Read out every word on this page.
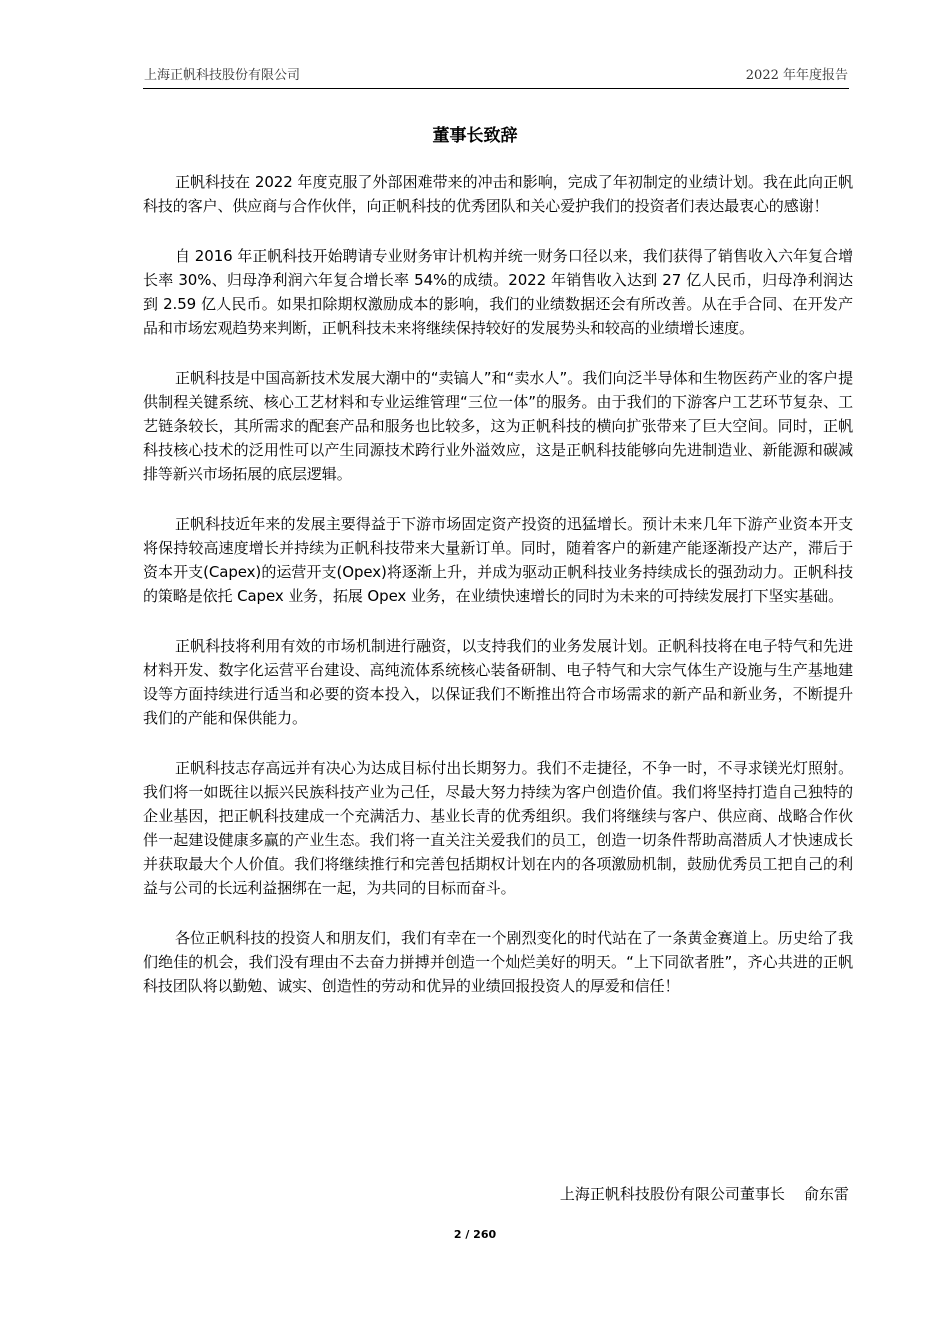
上海正帆科技股份有限公司	2022 年年度报告
董事长致辞

正帆科技在 2022 年度克服了外部困难带来的冲击和影响，完成了年初制定的业绩计划。我在此向正帆科技的客户、供应商与合作伙伴，向正帆科技的优秀团队和关心爱护我们的投资者们表达最衷心的感谢！

自 2016 年正帆科技开始聘请专业财务审计机构并统一财务口径以来，我们获得了销售收入六年复合增长率 30%、归母净利润六年复合增长率 54%的成绩。2022 年销售收入达到 27 亿人民币，归母净利润达到 2.59 亿人民币。如果扣除期权激励成本的影响，我们的业绩数据还会有所改善。从在手合同、在开发产品和市场宏观趋势来判断，正帆科技未来将继续保持较好的发展势头和较高的业绩增长速度。

正帆科技是中国高新技术发展大潮中的“卖镐人”和“卖水人”。我们向泛半导体和生物医药产业的客户提供制程关键系统、核心工艺材料和专业运维管理“三位一体”的服务。由于我们的下游客户工艺环节复杂、工艺链条较长，其所需求的配套产品和服务也比较多，这为正帆科技的横向扩张带来了巨大空间。同时，正帆科技核心技术的泛用性可以产生同源技术跨行业外溢效应，这是正帆科技能够向先进制造业、新能源和碳减排等新兴市场拓展的底层逻辑。

正帆科技近年来的发展主要得益于下游市场固定资产投资的迅猛增长。预计未来几年下游产业资本开支将保持较高速度增长并持续为正帆科技带来大量新订单。同时，随着客户的新建产能逐渐投产达产，滞后于资本开支(Capex)的运营开支(Opex)将逐渐上升，并成为驱动正帆科技业务持续成长的强劲动力。正帆科技的策略是依托 Capex 业务，拓展 Opex 业务，在业绩快速增长的同时为未来的可持续发展打下坚实基础。

正帆科技将利用有效的市场机制进行融资，以支持我们的业务发展计划。正帆科技将在电子特气和先进材料开发、数字化运营平台建设、高纯流体系统核心装备研制、电子特气和大宗气体生产设施与生产基地建设等方面持续进行适当和必要的资本投入，以保证我们不断推出符合市场需求的新产品和新业务，不断提升我们的产能和保供能力。

正帆科技志存高远并有决心为达成目标付出长期努力。我们不走捷径，不争一时，不寻求镁光灯照射。我们将一如既往以振兴民族科技产业为己任，尽最大努力持续为客户创造价值。我们将坚持打造自己独特的企业基因，把正帆科技建成一个充满活力、基业长青的优秀组织。我们将继续与客户、供应商、战略合作伙伴一起建设健康多赢的产业生态。我们将一直关注关爱我们的员工，创造一切条件帮助高潜质人才快速成长并获取最大个人价值。我们将继续推行和完善包括期权计划在内的各项激励机制，鼓励优秀员工把自己的利益与公司的长远利益捆绑在一起，为共同的目标而奋斗。

各位正帆科技的投资人和朋友们，我们有幸在一个剧烈变化的时代站在了一条黄金赛道上。历史给了我们绝佳的机会，我们没有理由不去奋力拼搏并创造一个灿烂美好的明天。“上下同欲者胜”，齐心共进的正帆科技团队将以勤勉、诚实、创造性的劳动和优异的业绩回报投资人的厚爱和信任！

上海正帆科技股份有限公司董事长    俞东雷
2 / 260
